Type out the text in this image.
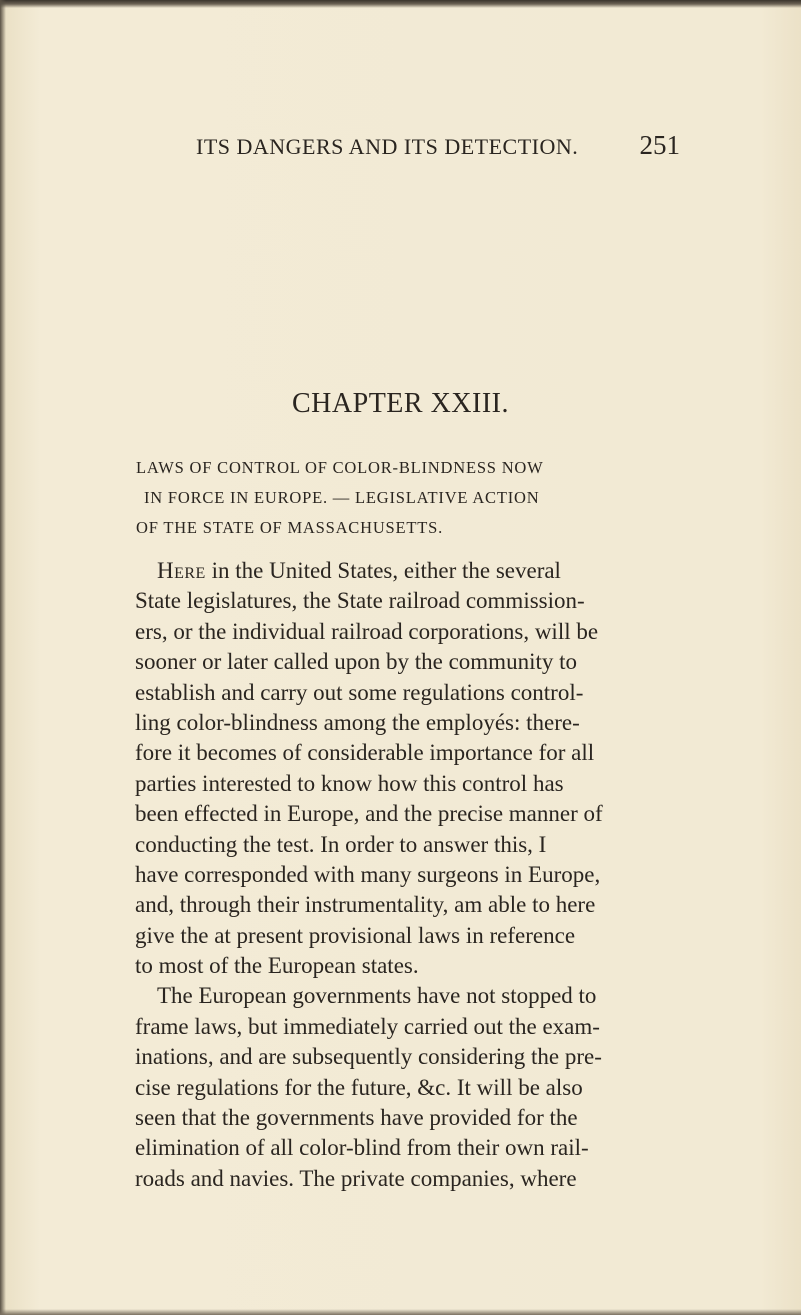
ITS DANGERS AND ITS DETECTION. 251
CHAPTER XXIII.
LAWS OF CONTROL OF COLOR-BLINDNESS NOW
IN FORCE IN EUROPE. — LEGISLATIVE ACTION
OF THE STATE OF MASSACHUSETTS.
Here in the United States, either the several
State legislatures, the State railroad commission-
ers, or the individual railroad corporations, will be
sooner or later called upon by the community to
establish and carry out some regulations control-
ling color-blindness among the employés: there-
fore it becomes of considerable importance for all
parties interested to know how this control has
been effected in Europe, and the precise manner of
conducting the test. In order to answer this, I
have corresponded with many surgeons in Europe,
and, through their instrumentality, am able to here
give the at present provisional laws in reference
to most of the European states.
The European governments have not stopped to
frame laws, but immediately carried out the exam-
inations, and are subsequently considering the pre-
cise regulations for the future, &c. It will be also
seen that the governments have provided for the
elimination of all color-blind from their own rail-
roads and navies. The private companies, where
